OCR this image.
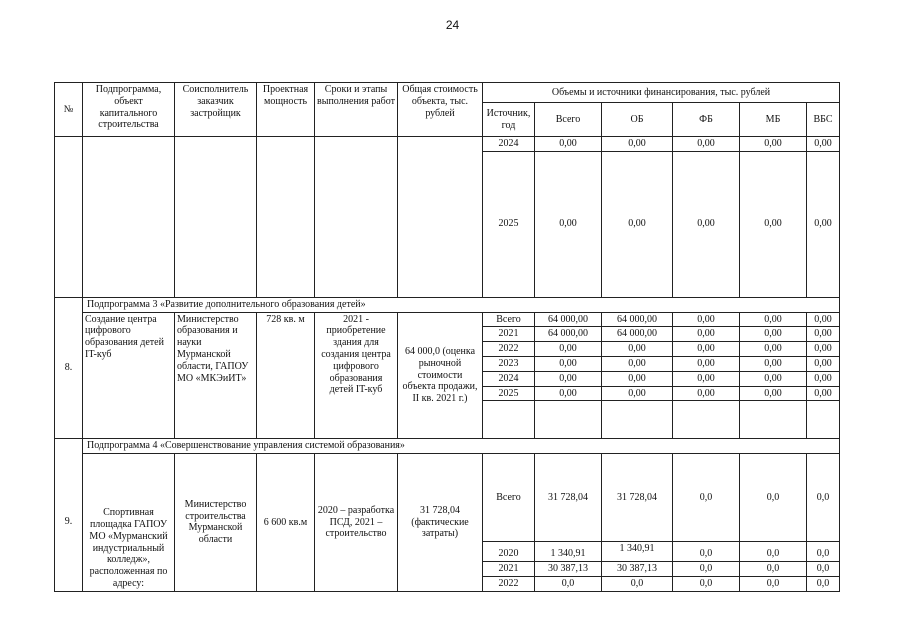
24
№	Подпрограмма, объект капитального строительства	Соисполнитель заказчик застройщик	Проектная мощность	Сроки и этапы выполнения работ	Общая стоимость объекта, тыс. рублей	Объемы и источники финансирования, тыс. рублей					
						Источник, год	Всего	ОБ	ФБ	МБ	ВБС
						2024	0,00	0,00	0,00	0,00	0,00
						2025	0,00	0,00	0,00	0,00	0,00
8.	Подпрограмма 3 «Развитие дополнительного образования детей»										
	Создание центра цифрового образования детей IT-куб	Министерство образования и науки Мурманской области, ГАПОУ МО «МКЭиИТ»	728 кв. м	2021 - приобретение здания для создания центра цифрового образования детей IT-куб	64 000,0 (оценка рыночной стоимости объекта продажи, II кв. 2021 г.)	Всего	64 000,00	64 000,00	0,00	0,00	0,00
						2021	64 000,00	64 000,00	0,00	0,00	0,00
						2022	0,00	0,00	0,00	0,00	0,00
						2023	0,00	0,00	0,00	0,00	0,00
						2024	0,00	0,00	0,00	0,00	0,00
						2025	0,00	0,00	0,00	0,00	0,00

	Подпрограмма 4 «Совершенствование управления системой образования»										
9.	Спортивная площадка ГАПОУ МО «Мурманский индустриальный колледж», расположенная по адресу:	Министерство строительства Мурманской области	6 600 кв.м	2020 – разработка ПСД, 2021 – строительство	31 728,04 (фактические затраты)	Всего	31 728,04	31 728,04	0,0	0,0	0,0
						2020	1 340,91	1 340,91	0,0	0,0	0,0
						2021	30 387,13	30 387,13	0,0	0,0	0,0
						2022	0,0	0,0	0,0	0,0	0,0
